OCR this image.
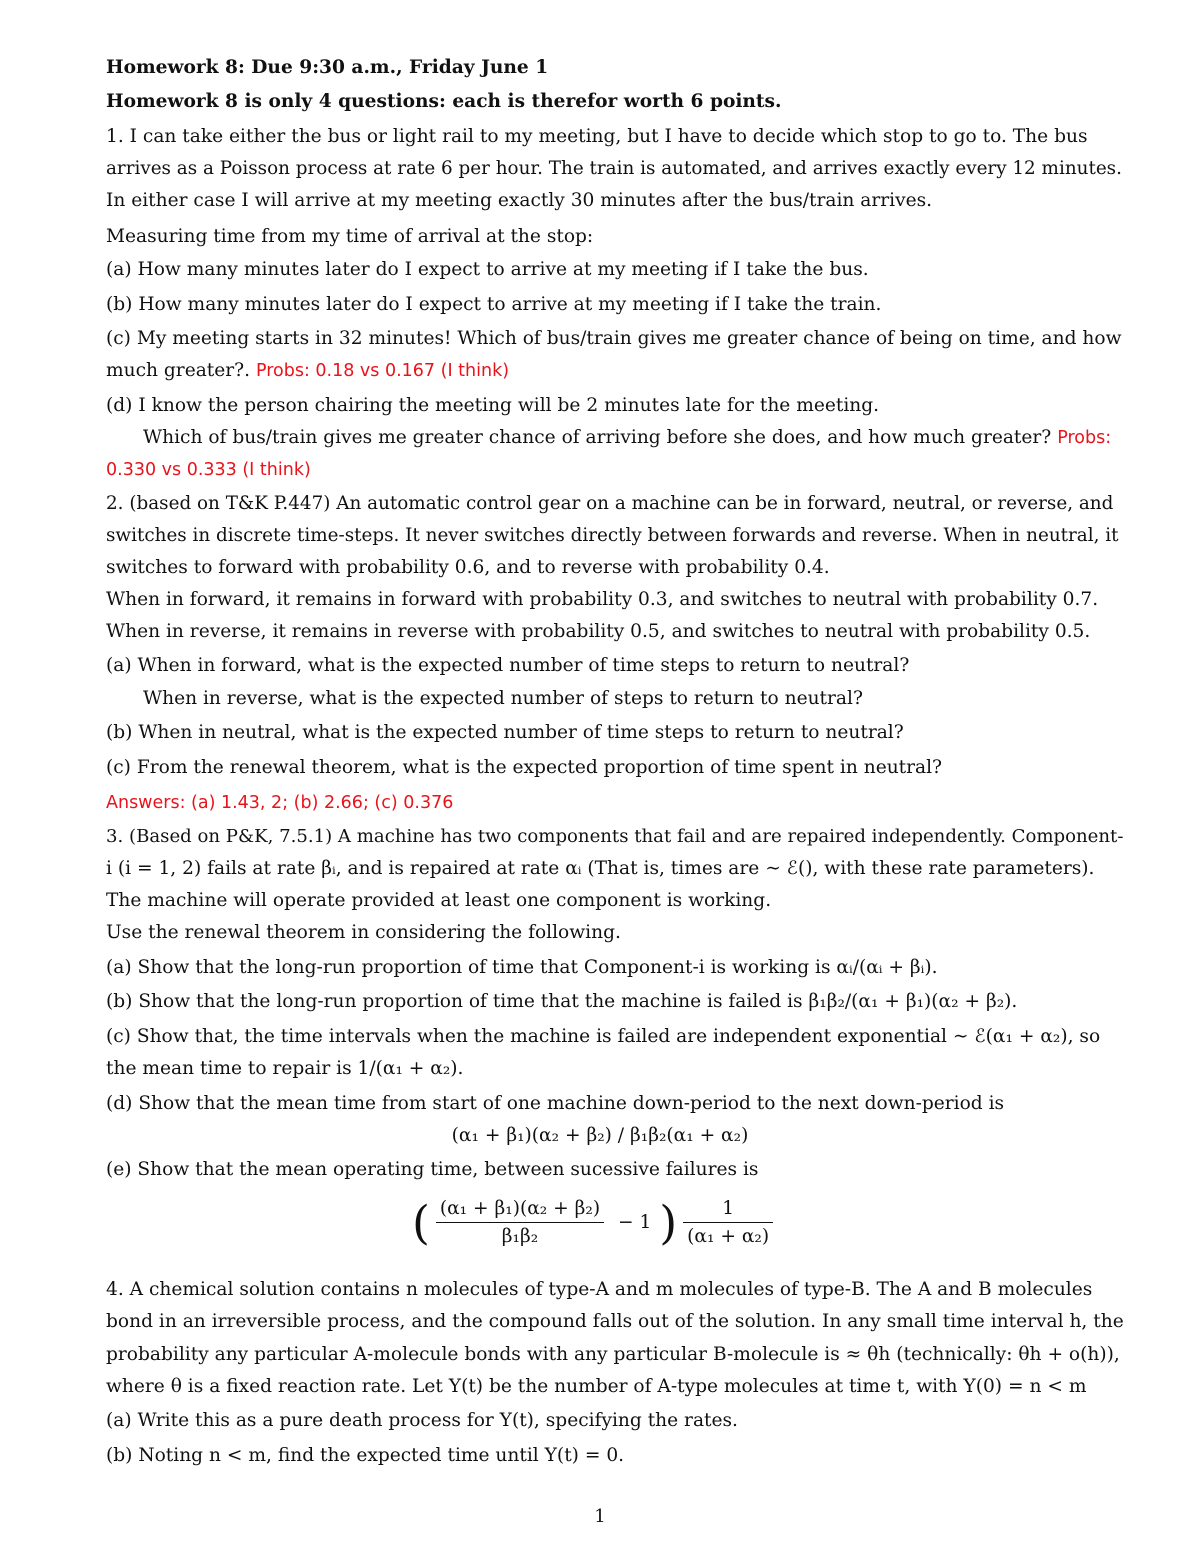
Homework 8: Due 9:30 a.m., Friday June 1
Homework 8 is only 4 questions: each is therefor worth 6 points.
1. I can take either the bus or light rail to my meeting, but I have to decide which stop to go to. The bus
arrives as a Poisson process at rate 6 per hour. The train is automated, and arrives exactly every 12 minutes.
In either case I will arrive at my meeting exactly 30 minutes after the bus/train arrives.
Measuring time from my time of arrival at the stop:
(a) How many minutes later do I expect to arrive at my meeting if I take the bus.
(b) How many minutes later do I expect to arrive at my meeting if I take the train.
(c) My meeting starts in 32 minutes! Which of bus/train gives me greater chance of being on time, and how
much greater?. Probs: 0.18 vs 0.167 (I think)
(d) I know the person chairing the meeting will be 2 minutes late for the meeting.
Which of bus/train gives me greater chance of arriving before she does, and how much greater? Probs:
0.330 vs 0.333 (I think)
2. (based on T&K P.447) An automatic control gear on a machine can be in forward, neutral, or reverse, and
switches in discrete time-steps. It never switches directly between forwards and reverse. When in neutral, it
switches to forward with probability 0.6, and to reverse with probability 0.4.
When in forward, it remains in forward with probability 0.3, and switches to neutral with probability 0.7.
When in reverse, it remains in reverse with probability 0.5, and switches to neutral with probability 0.5.
(a) When in forward, what is the expected number of time steps to return to neutral?
When in reverse, what is the expected number of steps to return to neutral?
(b) When in neutral, what is the expected number of time steps to return to neutral?
(c) From the renewal theorem, what is the expected proportion of time spent in neutral?
Answers: (a) 1.43, 2; (b) 2.66; (c) 0.376
3. (Based on P&K, 7.5.1) A machine has two components that fail and are repaired independently. Component-
i (i = 1, 2) fails at rate βᵢ, and is repaired at rate αᵢ (That is, times are ∼ ℰ(), with these rate parameters).
The machine will operate provided at least one component is working.
Use the renewal theorem in considering the following.
(a) Show that the long-run proportion of time that Component-i is working is αᵢ/(αᵢ + βᵢ).
(b) Show that the long-run proportion of time that the machine is failed is β₁β₂/(α₁ + β₁)(α₂ + β₂).
(c) Show that, the time intervals when the machine is failed are independent exponential ∼ ℰ(α₁ + α₂), so
the mean time to repair is 1/(α₁ + α₂).
(d) Show that the mean time from start of one machine down-period to the next down-period is
(α₁ + β₁)(α₂ + β₂) / β₁β₂(α₁ + α₂)
(e) Show that the mean operating time, between sucessive failures is
( $\frac{\text{(α₁ + β₁)(α₂ + β₂)}}{\text{β₁β₂}} - 1$ ) $\frac{1}{\text{(α₁ + α₂)}}$
4. A chemical solution contains n molecules of type-A and m molecules of type-B. The A and B molecules
bond in an irreversible process, and the compound falls out of the solution. In any small time interval h, the
probability any particular A-molecule bonds with any particular B-molecule is ≈ θh (technically: θh + o(h)),
where θ is a fixed reaction rate. Let Y(t) be the number of A-type molecules at time t, with Y(0) = n < m
(a) Write this as a pure death process for Y(t), specifying the rates.
(b) Noting n < m, find the expected time until Y(t) = 0.
1
